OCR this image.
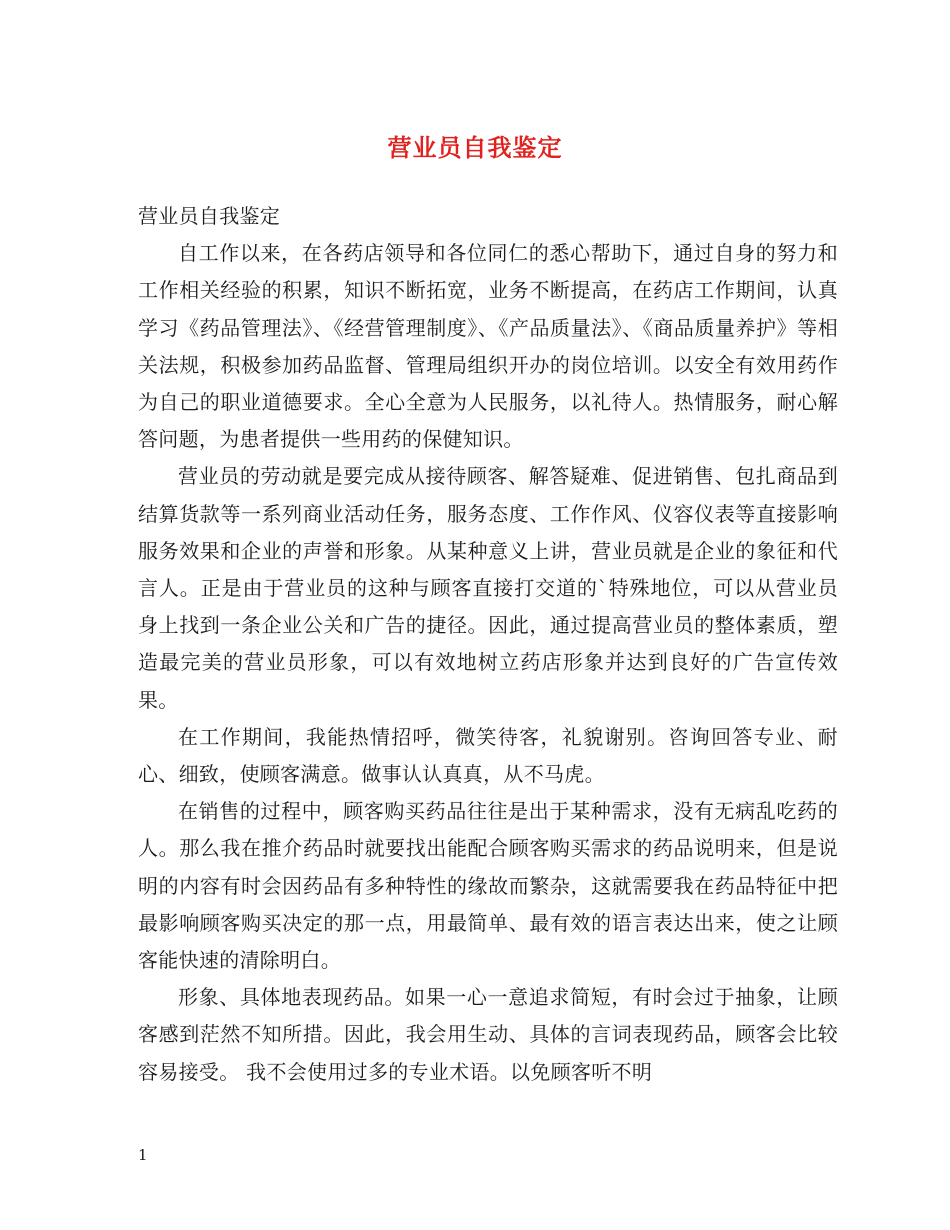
营业员自我鉴定

营业员自我鉴定

自工作以来，在各药店领导和各位同仁的悉心帮助下，通过自身的努力和工作相关经验的积累，知识不断拓宽，业务不断提高，在药店工作期间，认真学习《药品管理法》、《经营管理制度》、《产品质量法》、《商品质量养护》等相关法规，积极参加药品监督、管理局组织开办的岗位培训。以安全有效用药作为自己的职业道德要求。全心全意为人民服务，以礼待人。热情服务，耐心解答问题，为患者提供一些用药的保健知识。

营业员的劳动就是要完成从接待顾客、解答疑难、促进销售、包扎商品到结算货款等一系列商业活动任务，服务态度、工作作风、仪容仪表等直接影响服务效果和企业的声誉和形象。从某种意义上讲，营业员就是企业的象征和代言人。正是由于营业员的这种与顾客直接打交道的`特殊地位，可以从营业员身上找到一条企业公关和广告的捷径。因此，通过提高营业员的整体素质，塑造最完美的营业员形象，可以有效地树立药店形象并达到良好的广告宣传效果。

在工作期间，我能热情招呼，微笑待客，礼貌谢别。咨询回答专业、耐心、细致，使顾客满意。做事认认真真，从不马虎。

在销售的过程中，顾客购买药品往往是出于某种需求，没有无病乱吃药的人。那么我在推介药品时就要找出能配合顾客购买需求的药品说明来，但是说明的内容有时会因药品有多种特性的缘故而繁杂，这就需要我在药品特征中把最影响顾客购买决定的那一点，用最简单、最有效的语言表达出来，使之让顾客能快速的清除明白。

形象、具体地表现药品。如果一心一意追求简短，有时会过于抽象，让顾客感到茫然不知所措。因此，我会用生动、具体的言词表现药品，顾客会比较容易接受。 我不会使用过多的专业术语。以免顾客听不明

1
